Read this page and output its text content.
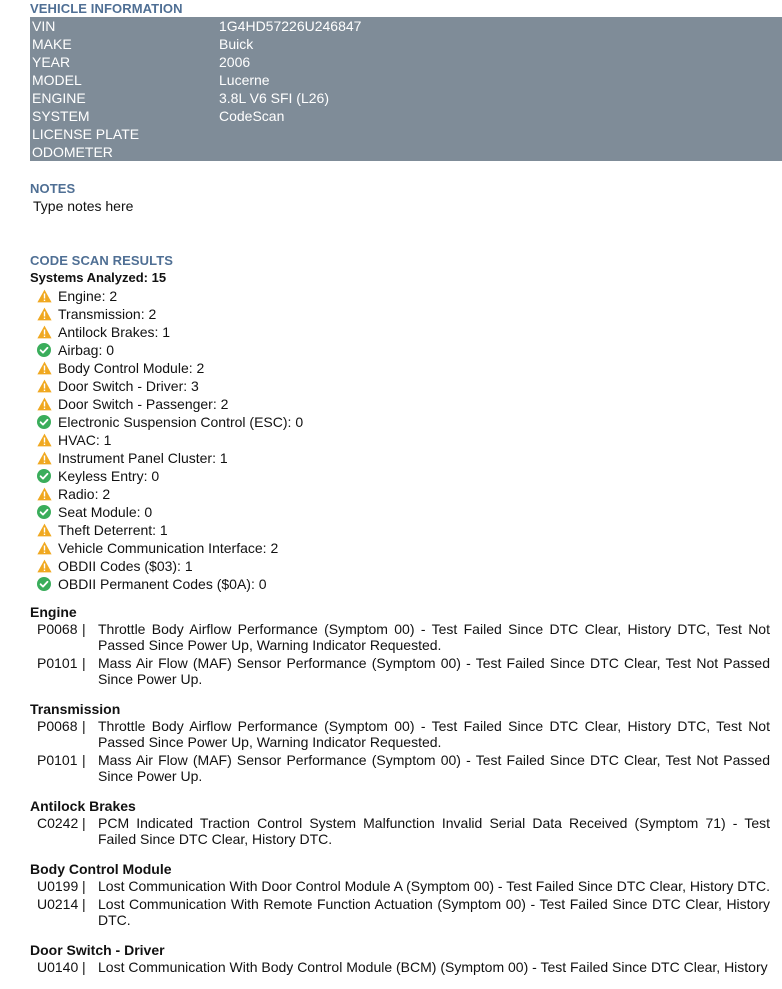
VEHICLE INFORMATION
VIN	1G4HD57226U246847
MAKE	Buick
YEAR	2006
MODEL	Lucerne
ENGINE	3.8L V6 SFI (L26)
SYSTEM	CodeScan
LICENSE PLATE
ODOMETER
NOTES
Type notes here
CODE SCAN RESULTS
Systems Analyzed: 15
Engine: 2
Transmission: 2
Antilock Brakes: 1
Airbag: 0
Body Control Module: 2
Door Switch - Driver: 3
Door Switch - Passenger: 2
Electronic Suspension Control (ESC): 0
HVAC: 1
Instrument Panel Cluster: 1
Keyless Entry: 0
Radio: 2
Seat Module: 0
Theft Deterrent: 1
Vehicle Communication Interface: 2
OBDII Codes ($03): 1
OBDII Permanent Codes ($0A): 0
Engine
P0068 | Throttle Body Airflow Performance (Symptom 00) - Test Failed Since DTC Clear, History DTC, Test Not Passed Since Power Up, Warning Indicator Requested.
P0101 | Mass Air Flow (MAF) Sensor Performance (Symptom 00) - Test Failed Since DTC Clear, Test Not Passed Since Power Up.
Transmission
P0068 | Throttle Body Airflow Performance (Symptom 00) - Test Failed Since DTC Clear, History DTC, Test Not Passed Since Power Up, Warning Indicator Requested.
P0101 | Mass Air Flow (MAF) Sensor Performance (Symptom 00) - Test Failed Since DTC Clear, Test Not Passed Since Power Up.
Antilock Brakes
C0242 | PCM Indicated Traction Control System Malfunction Invalid Serial Data Received (Symptom 71) - Test Failed Since DTC Clear, History DTC.
Body Control Module
U0199 | Lost Communication With Door Control Module A (Symptom 00) - Test Failed Since DTC Clear, History DTC.
U0214 | Lost Communication With Remote Function Actuation (Symptom 00) - Test Failed Since DTC Clear, History DTC.
Door Switch - Driver
U0140 | Lost Communication With Body Control Module (BCM) (Symptom 00) - Test Failed Since DTC Clear, History
